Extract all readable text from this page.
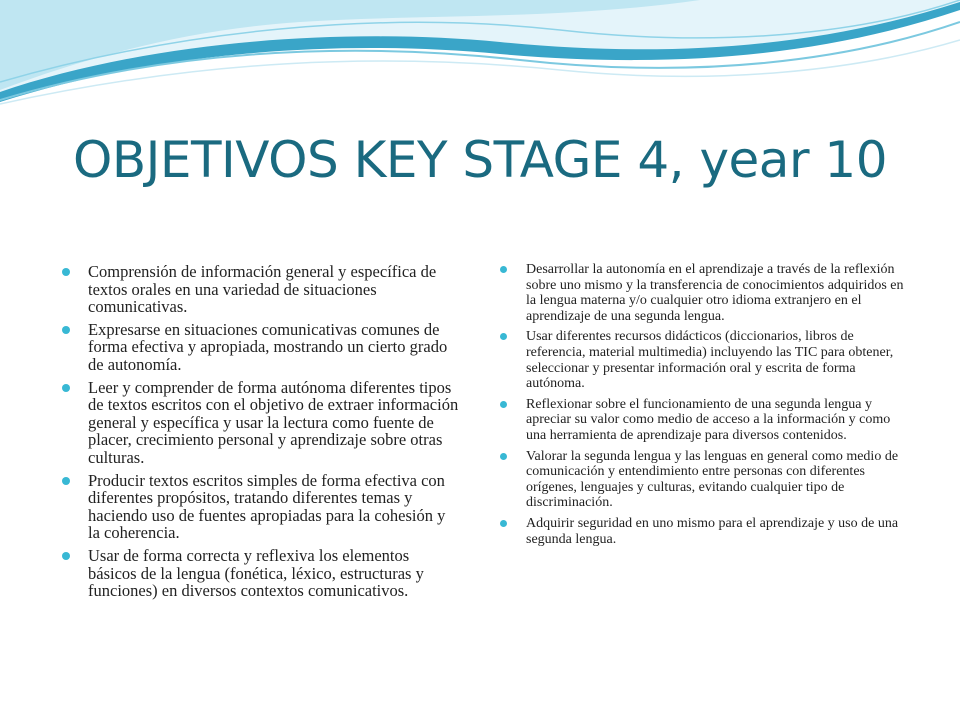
OBJETIVOS KEY STAGE 4, year 10
Comprensión de información general y específica de textos orales en una variedad de situaciones comunicativas.
Expresarse en situaciones comunicativas comunes de forma efectiva y apropiada, mostrando un cierto grado de autonomía.
Leer y comprender de forma autónoma diferentes tipos de textos escritos con el objetivo de extraer información general y específica y usar la lectura como fuente de placer, crecimiento personal y aprendizaje sobre otras culturas.
Producir textos escritos simples de forma efectiva con diferentes propósitos, tratando diferentes temas y haciendo uso de fuentes apropiadas para la cohesión y la coherencia.
Usar de forma correcta y reflexiva los elementos básicos de la lengua (fonética, léxico, estructuras y funciones) en diversos contextos comunicativos.
Desarrollar la autonomía en el aprendizaje a través de la reflexión sobre uno mismo y la transferencia de conocimientos adquiridos en la lengua materna y/o cualquier otro idioma extranjero en el aprendizaje de una segunda lengua.
Usar diferentes recursos didácticos (diccionarios, libros de referencia, material multimedia) incluyendo las TIC para obtener, seleccionar y presentar información oral y escrita de forma autónoma.
Reflexionar sobre el funcionamiento de una segunda lengua y apreciar su valor como medio de acceso a la información y como una herramienta de aprendizaje para diversos contenidos.
Valorar la segunda lengua y las lenguas en general como medio de comunicación y entendimiento entre personas con diferentes orígenes, lenguajes y culturas, evitando cualquier tipo de discriminación.
Adquirir seguridad en uno mismo para el aprendizaje y uso de una segunda lengua.
